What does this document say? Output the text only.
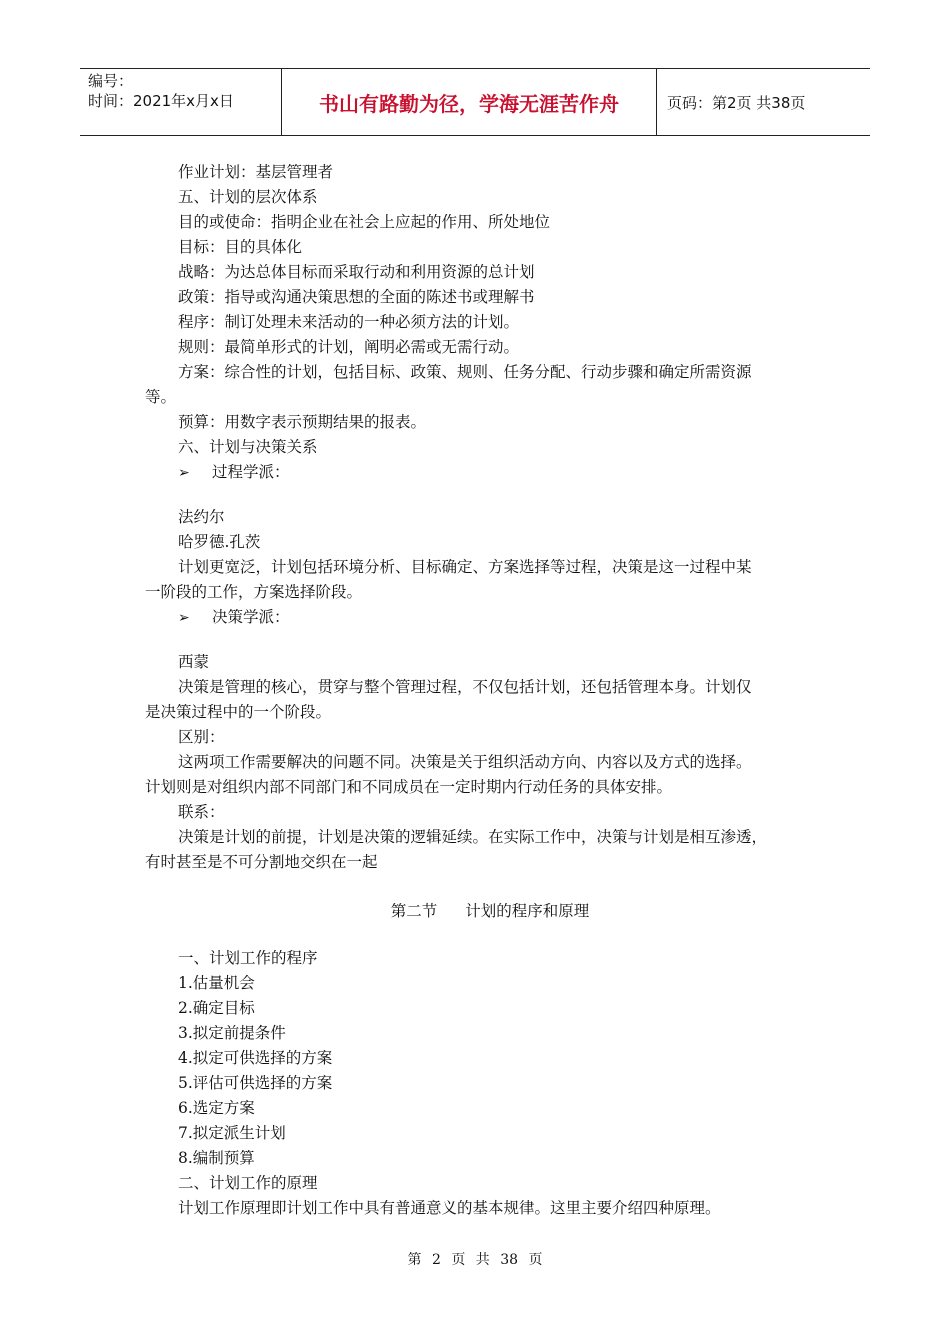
编号：
时间：2021年x月x日	书山有路勤为径，学海无涯苦作舟	页码：第2页 共38页
作业计划：基层管理者
五、计划的层次体系
目的或使命：指明企业在社会上应起的作用、所处地位
目标：目的具体化
战略：为达总体目标而采取行动和利用资源的总计划
政策：指导或沟通决策思想的全面的陈述书或理解书
程序：制订处理未来活动的一种必须方法的计划。
规则：最简单形式的计划，阐明必需或无需行动。
方案：综合性的计划，包括目标、政策、规则、任务分配、行动步骤和确定所需资源
等。
预算：用数字表示预期结果的报表。
六、计划与决策关系
➢ 过程学派：
法约尔
哈罗德.孔茨
计划更宽泛，计划包括环境分析、目标确定、方案选择等过程，决策是这一过程中某
一阶段的工作，方案选择阶段。
➢ 决策学派：
西蒙
决策是管理的核心，贯穿与整个管理过程，不仅包括计划，还包括管理本身。计划仅
是决策过程中的一个阶段。
区别：
这两项工作需要解决的问题不同。决策是关于组织活动方向、内容以及方式的选择。
计划则是对组织内部不同部门和不同成员在一定时期内行动任务的具体安排。
联系：
决策是计划的前提，计划是决策的逻辑延续。在实际工作中，决策与计划是相互渗透，
有时甚至是不可分割地交织在一起
第二节 计划的程序和原理
一、计划工作的程序
1.估量机会
2.确定目标
3.拟定前提条件
4.拟定可供选择的方案
5.评估可供选择的方案
6.选定方案
7.拟定派生计划
8.编制预算
二、计划工作的原理
计划工作原理即计划工作中具有普通意义的基本规律。这里主要介绍四种原理。
第 2 页 共 38 页
